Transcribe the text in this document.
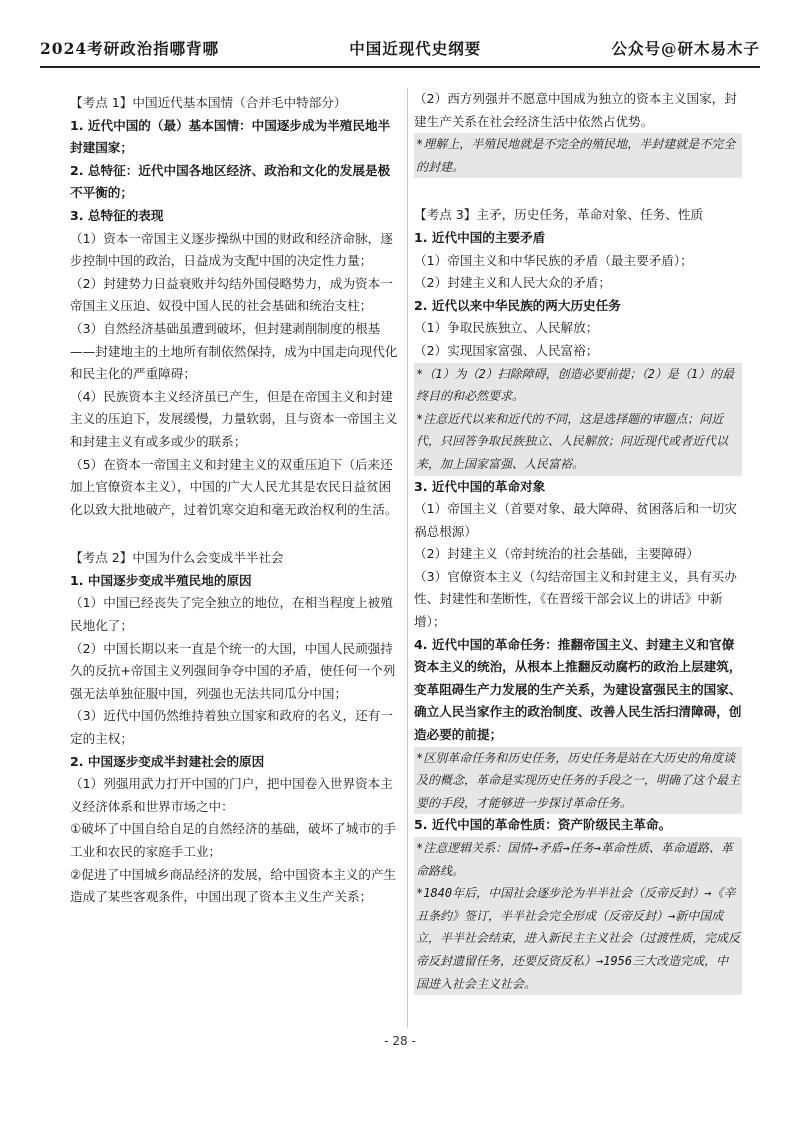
2024考研政治指哪背哪	中国近现代史纲要	公众号@研木易木子

【考点 1】中国近代基本国情（合并毛中特部分）

1. 近代中国的（最）基本国情：中国逐步成为半殖民地半封建国家；

2. 总特征：近代中国各地区经济、政治和文化的发展是极不平衡的；

3. 总特征的表现

（1）资本一帝国主义逐步操纵中国的财政和经济命脉，逐步控制中国的政治，日益成为支配中国的决定性力量；

（2）封建势力日益衰败并勾结外国侵略势力，成为资本一帝国主义压迫、奴役中国人民的社会基础和统治支柱；

（3）自然经济基础虽遭到破坏，但封建剥削制度的根基——封建地主的土地所有制依然保持，成为中国走向现代化和民主化的严重障碍；

（4）民族资本主义经济虽已产生，但是在帝国主义和封建主义的压迫下，发展缓慢，力量软弱，且与资本一帝国主义和封建主义有或多或少的联系；

（5）在资本一帝国主义和封建主义的双重压迫下（后来还加上官僚资本主义），中国的广大人民尤其是农民日益贫困化以致大批地破产，过着饥寒交迫和毫无政治权利的生活。

【考点 2】中国为什么会变成半半社会

1. 中国逐步变成半殖民地的原因

（1）中国已经丧失了完全独立的地位，在相当程度上被殖民地化了；

（2）中国长期以来一直是个统一的大国，中国人民顽强持久的反抗+帝国主义列强间争夺中国的矛盾，使任何一个列强无法单独征服中国，列强也无法共同瓜分中国；

（3）近代中国仍然维持着独立国家和政府的名义，还有一定的主权；

2. 中国逐步变成半封建社会的原因

（1）列强用武力打开中国的门户，把中国卷入世界资本主义经济体系和世界市场之中：

①破坏了中国自给自足的自然经济的基础，破坏了城市的手工业和农民的家庭手工业；

②促进了中国城乡商品经济的发展，给中国资本主义的产生造成了某些客观条件，中国出现了资本主义生产关系；

（2）西方列强并不愿意中国成为独立的资本主义国家，封建生产关系在社会经济生活中依然占优势。

*理解上，半殖民地就是不完全的殖民地，半封建就是不完全的封建。

【考点 3】主矛，历史任务，革命对象、任务、性质

1. 近代中国的主要矛盾

（1）帝国主义和中华民族的矛盾（最主要矛盾）；

（2）封建主义和人民大众的矛盾；

2. 近代以来中华民族的两大历史任务

（1）争取民族独立、人民解放；

（2）实现国家富强、人民富裕；

*（1）为（2）扫除障碍，创造必要前提；（2）是（1）的最终目的和必然要求。

*注意近代以来和近代的不同，这是选择题的审题点；问近代，只回答争取民族独立、人民解放；问近现代或者近代以来，加上国家富强、人民富裕。

3. 近代中国的革命对象

（1）帝国主义（首要对象、最大障碍、贫困落后和一切灾祸总根源）

（2）封建主义（帝封统治的社会基础，主要障碍）

（3）官僚资本主义（勾结帝国主义和封建主义，具有买办性、封建性和垄断性，《在晋绥干部会议上的讲话》中新增）；

4. 近代中国的革命任务：推翻帝国主义、封建主义和官僚资本主义的统治，从根本上推翻反动腐朽的政治上层建筑，变革阻碍生产力发展的生产关系，为建设富强民主的国家、确立人民当家作主的政治制度、改善人民生活扫清障碍，创造必要的前提；

*区别革命任务和历史任务，历史任务是站在大历史的角度谈及的概念，革命是实现历史任务的手段之一，明确了这个最主要的手段，才能够进一步探讨革命任务。

5. 近代中国的革命性质：资产阶级民主革命。

*注意逻辑关系：国情→矛盾→任务→革命性质、革命道路、革命路线。

*1840年后，中国社会逐步沦为半半社会（反帝反封）→《辛丑条约》签订，半半社会完全形成（反帝反封）→新中国成立，半半社会结束，进入新民主主义社会（过渡性质，完成反帝反封遗留任务，还要反资反私）→1956三大改造完成，中国进入社会主义社会。

- 28 -
